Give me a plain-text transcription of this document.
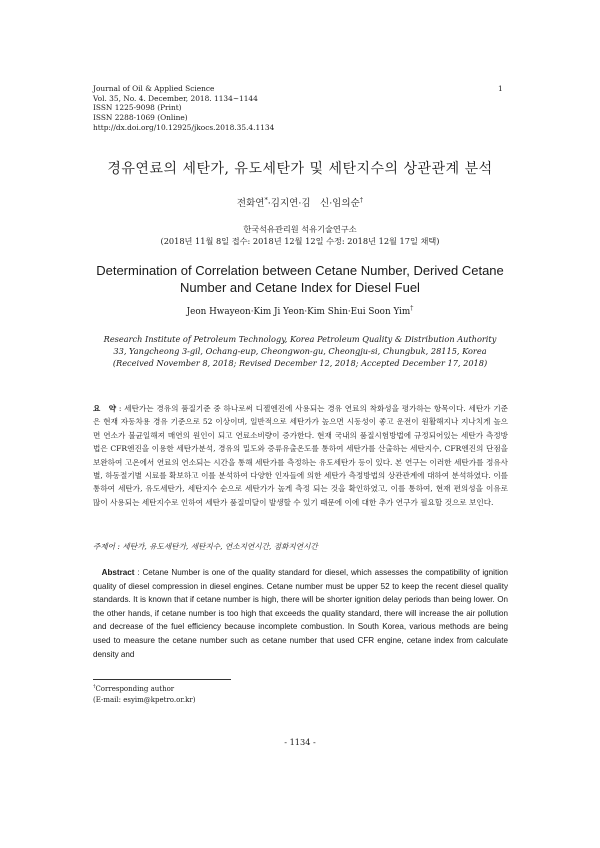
Journal of Oil & Applied Science
Vol. 35, No. 4. December, 2018. 1134~1144
ISSN 1225-9098 (Print)
ISSN 2288-1069 (Online)
http://dx.doi.org/10.12925/jkocs.2018.35.4.1134
1
경유연료의 세탄가, 유도세탄가 및 세탄지수의 상관관계 분석
전화연*·김지연·김　신·임의순†
한국석유관리원 석유기술연구소
(2018년 11월 8일 접수: 2018년 12월 12일 수정: 2018년 12월 17일 채택)
Determination of Correlation between Cetane Number, Derived Cetane
Number and Cetane Index for Diesel Fuel
Jeon Hwayeon·Kim Ji Yeon·Kim Shin·Eui Soon Yim†
Research Institute of Petroleum Technology, Korea Petroleum Quality & Distribution Authority
33, Yangcheong 3-gil, Ochang-eup, Cheongwon-gu, Cheongju-si, Chungbuk, 28115, Korea
(Received November 8, 2018; Revised December 12, 2018; Accepted December 17, 2018)
요　약 : 세탄가는 경유의 품질기준 중 하나로써 디젤엔진에 사용되는 경유 연료의 착화성을 평가하는 항목이다. 세탄가 기준은 현재 자동차용 경유 기준으로 52 이상이며, 일반적으로 세탄가가 높으면 시동성이 좋고 운전이 원활해지나 지나치게 높으면 연소가 불균일해져 매연의 원인이 되고 연료소비량이 증가한다. 현재 국내의 품질시험방법에 규정되어있는 세탄가 측정방법은 CFR엔진을 이용한 세탄가분석, 경유의 밀도와 증류유출온도를 통하여 세탄가를 산출하는 세탄지수, CFR엔진의 단점을 보완하여 고온에서 연료의 연소되는 시간을 통해 세탄가를 측정하는 유도세탄가 등이 있다. 본 연구는 이러한 세탄가를 정유사별, 하동절기별 시료를 확보하고 이를 분석하여 다양한 인자들에 의한 세탄가 측정방법의 상관관계에 대하여 분석하였다. 이를 통하여 세탄가, 유도세탄가, 세탄지수 순으로 세탄가가 높게 측정 되는 것을 확인하였고, 이를 통하여, 현재 편의성을 이유로 많이 사용되는 세탄지수로 인하여 세탄가 품질미달이 발생할 수 있기 때문에 이에 대한 추가 연구가 필요할 것으로 보인다.
주제어 : 세탄가, 유도세탄가, 세탄지수, 연소지연시간, 점화지연시간
Abstract : Cetane Number is one of the quality standard for diesel, which assesses the compatibility of ignition quality of diesel compression in diesel engines. Cetane number must be upper 52 to keep the recent diesel quality standards. It is known that if cetane number is high, there will be shorter ignition delay periods than being lower. On the other hands, if cetane number is too high that exceeds the quality standard, there will increase the air pollution and decrease of the fuel efficiency because incomplete combustion. In South Korea, various methods are being used to measure the cetane number such as cetane number that used CFR engine, cetane index from calculate density and
†Corresponding author
(E-mail: esyim@kpetro.or.kr)
- 1134 -
